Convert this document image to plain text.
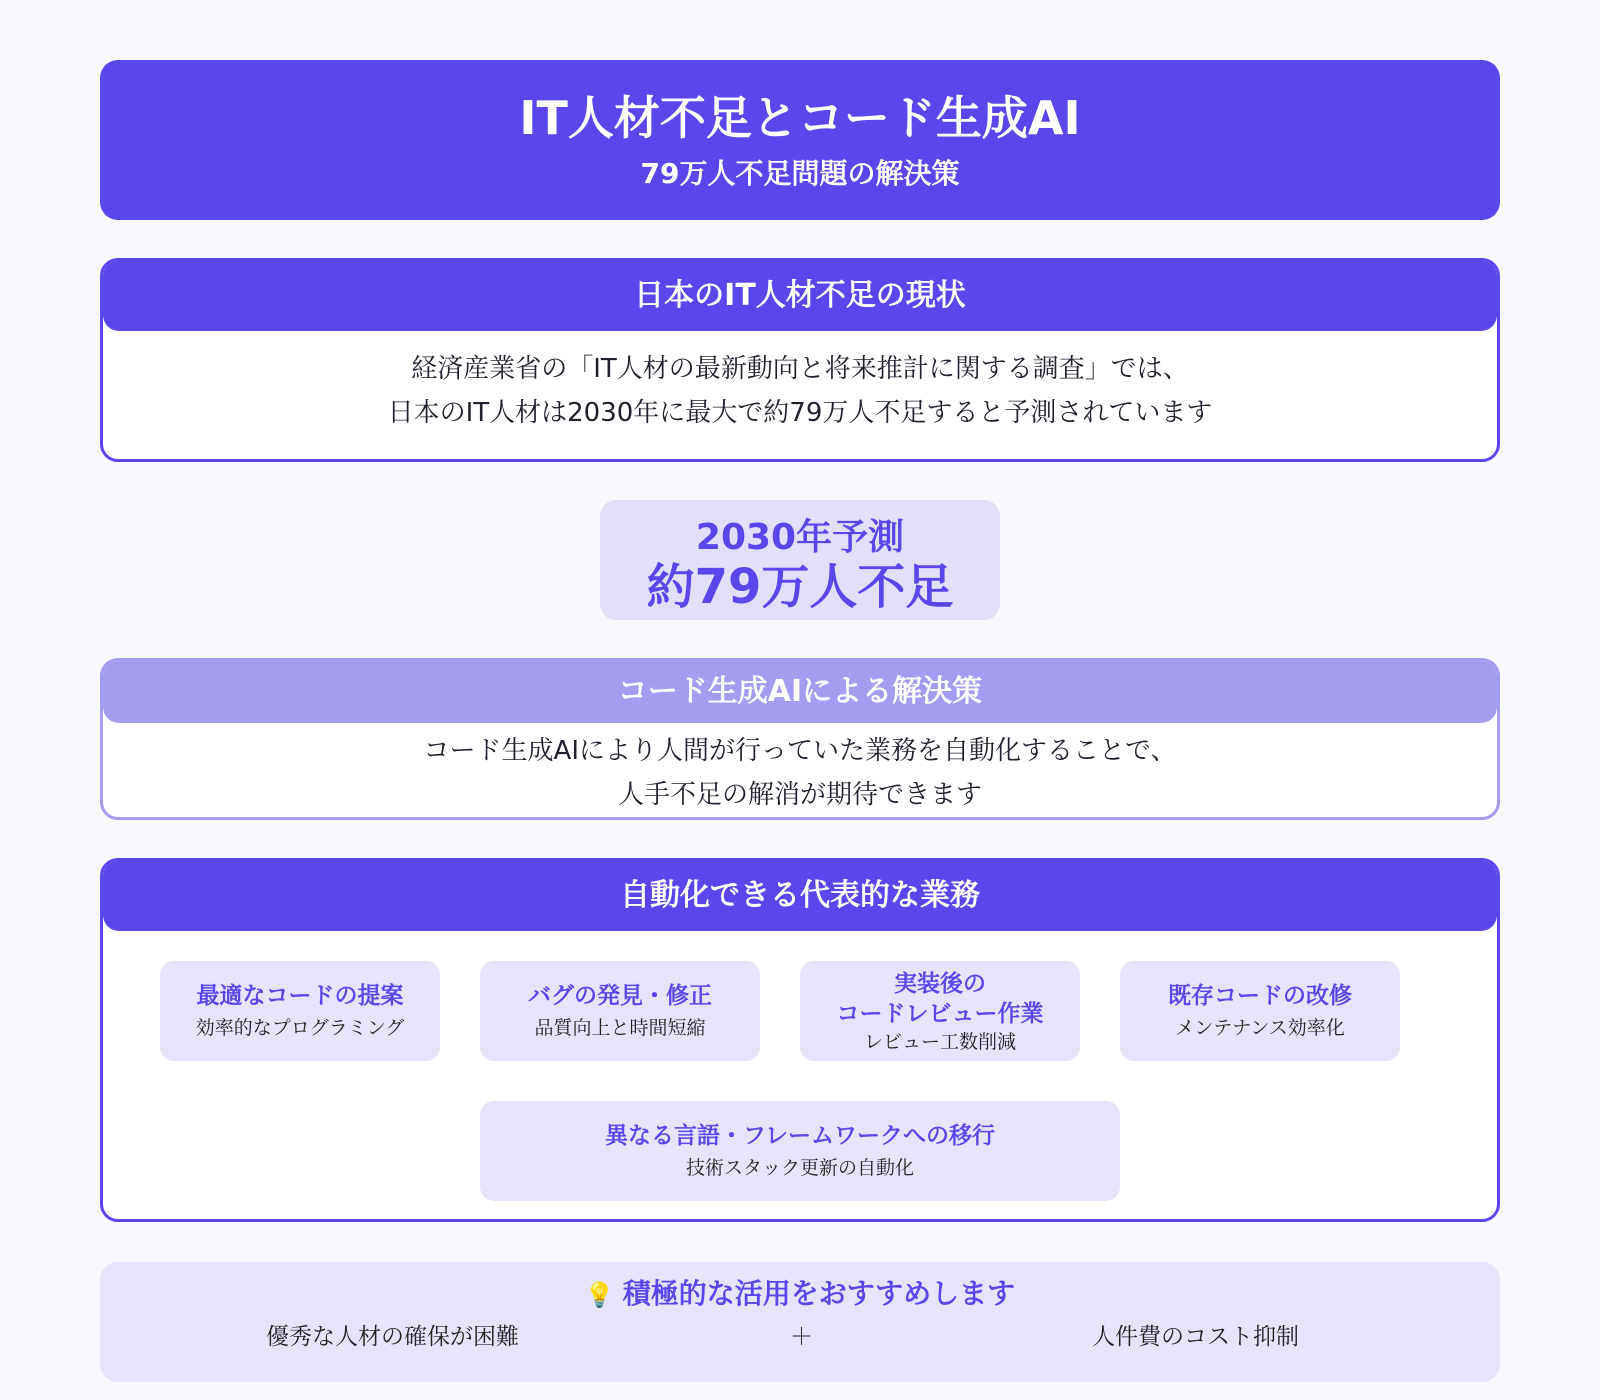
IT人材不足とコード生成AI
79万人不足問題の解決策
日本のIT人材不足の現状
経済産業省の「IT人材の最新動向と将来推計に関する調査」では、
日本のIT人材は2030年に最大で約79万人不足すると予測されています
2030年予測
約79万人不足
コード生成AIによる解決策
コード生成AIにより人間が行っていた業務を自動化することで、
人手不足の解消が期待できます
自動化できる代表的な業務
最適なコードの提案
効率的なプログラミング
バグの発見・修正
品質向上と時間短縮
実装後の
コードレビュー作業
レビュー工数削減
既存コードの改修
メンテナンス効率化
異なる言語・フレームワークへの移行
技術スタック更新の自動化
💡 積極的な活用をおすすめします
優秀な人材の確保が困難	＋	人件費のコスト抑制
